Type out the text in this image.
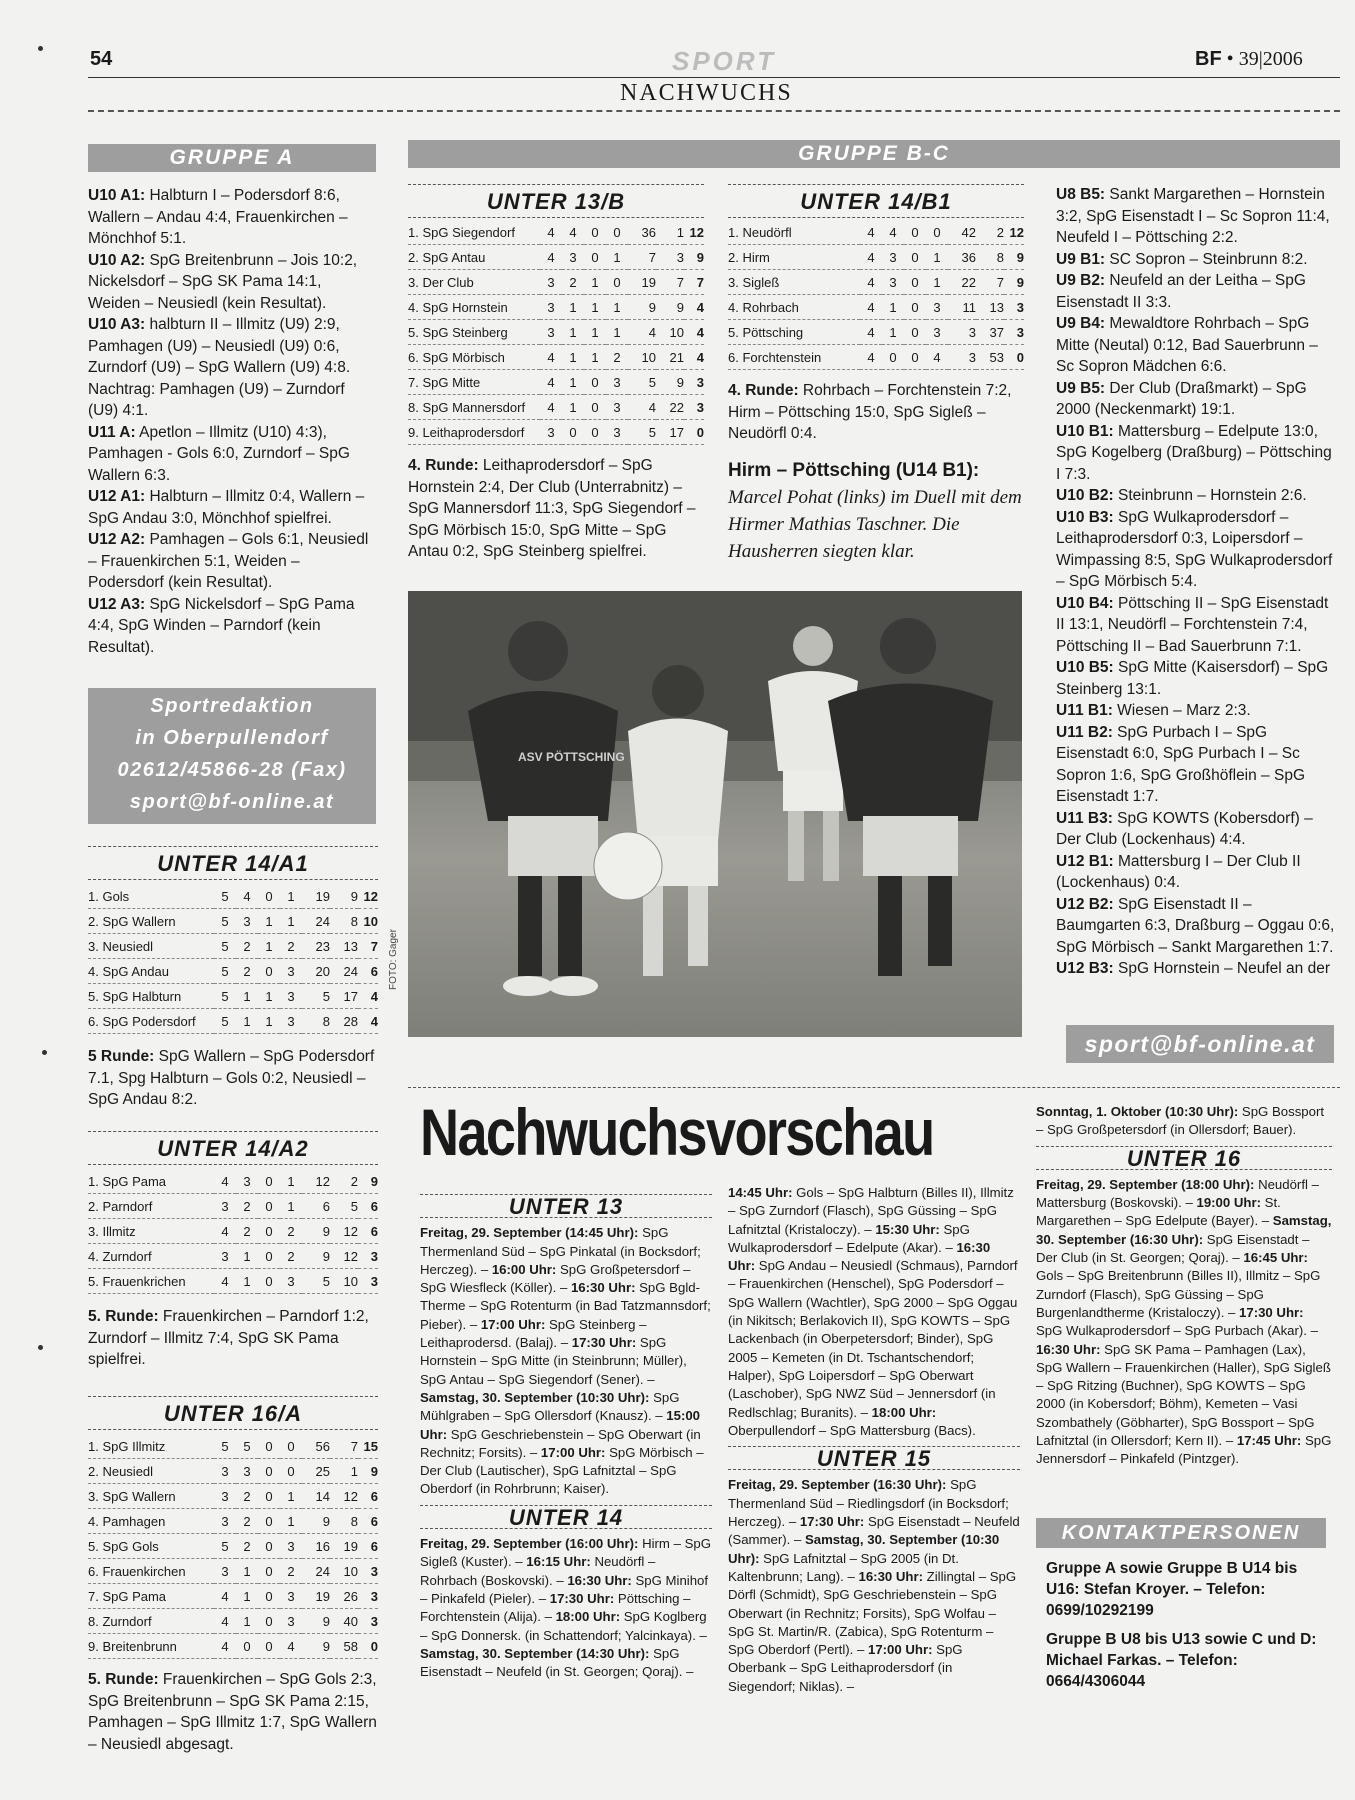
54	SPORT	BF • 39|2006
NACHWUCHS
GRUPPE A
U10 A1: Halbturn I – Podersdorf 8:6, Wallern – Andau 4:4, Frauenkirchen – Mönchhof 5:1.
U10 A2: SpG Breitenbrunn – Jois 10:2, Nickelsdorf – SpG SK Pama 14:1, Weiden – Neusiedl (kein Resultat).
U10 A3: halbturn II – Illmitz (U9) 2:9, Pamhagen (U9) – Neusiedl (U9) 0:6, Zurndorf (U9) – SpG Wallern (U9) 4:8. Nachtrag: Pamhagen (U9) – Zurndorf (U9) 4:1.
U11 A: Apetlon – Illmitz (U10) 4:3), Pamhagen - Gols 6:0, Zurndorf – SpG Wallern 6:3.
U12 A1: Halbturn – Illmitz 0:4, Wallern – SpG Andau 3:0, Mönchhof spielfrei.
U12 A2: Pamhagen – Gols 6:1, Neusiedl – Frauenkirchen 5:1, Weiden – Podersdorf (kein Resultat).
U12 A3: SpG Nickelsdorf – SpG Pama 4:4, SpG Winden – Parndorf (kein Resultat).
Sportredaktion
in Oberpullendorf
02612/45866-28 (Fax)
sport@bf-online.at
UNTER 14/A1
1. Gols	5	4	0	1	19	9	12
2. SpG Wallern	5	3	1	1	24	8	10
3. Neusiedl	5	2	1	2	23	13	7
4. SpG Andau	5	2	0	3	20	24	6
5. SpG Halbturn	5	1	1	3	5	17	4
6. SpG Podersdorf	5	1	1	3	8	28	4
5 Runde: SpG Wallern – SpG Podersdorf 7.1, Spg Halbturn – Gols 0:2, Neusiedl – SpG Andau 8:2.
UNTER 14/A2
1. SpG Pama	4	3	0	1	12	2	9
2. Parndorf	3	2	0	1	6	5	6
3. Illmitz	4	2	0	2	9	12	6
4. Zurndorf	3	1	0	2	9	12	3
5. Frauenkrichen	4	1	0	3	5	10	3
5. Runde: Frauenkirchen – Parndorf 1:2, Zurndorf – Illmitz 7:4, SpG SK Pama spielfrei.
UNTER 16/A
1. SpG Illmitz	5	5	0	0	56	7	15
2. Neusiedl	3	3	0	0	25	1	9
3. SpG Wallern	3	2	0	1	14	12	6
4. Pamhagen	3	2	0	1	9	8	6
5. SpG Gols	5	2	0	3	16	19	6
6. Frauenkirchen	3	1	0	2	24	10	3
7. SpG Pama	4	1	0	3	19	26	3
8. Zurndorf	4	1	0	3	9	40	3
9. Breitenbrunn	4	0	0	4	9	58	0
5. Runde: Frauenkirchen – SpG Gols 2:3, SpG Breitenbrunn – SpG SK Pama 2:15, Pamhagen – SpG Illmitz 1:7, SpG Wallern – Neusiedl abgesagt.
GRUPPE B-C
UNTER 13/B
1. SpG Siegendorf	4	4	0	0	36	1	12
2. SpG Antau	4	3	0	1	7	3	9
3. Der Club	3	2	1	0	19	7	7
4. SpG Hornstein	3	1	1	1	9	9	4
5. SpG Steinberg	3	1	1	1	4	10	4
6. SpG Mörbisch	4	1	1	2	10	21	4
7. SpG Mitte	4	1	0	3	5	9	3
8. SpG Mannersdorf	4	1	0	3	4	22	3
9. Leithaprodersdorf	3	0	0	3	5	17	0
4. Runde: Leithaprodersdorf – SpG Hornstein 2:4, Der Club (Unterrabnitz) – SpG Mannersdorf 11:3, SpG Siegendorf – SpG Mörbisch 15:0, SpG Mitte – SpG Antau 0:2, SpG Steinberg spielfrei.
UNTER 14/B1
1. Neudörfl	4	4	0	0	42	2	12
2. Hirm	4	3	0	1	36	8	9
3. Sigleß	4	3	0	1	22	7	9
4. Rohrbach	4	1	0	3	11	13	3
5. Pöttsching	4	1	0	3	3	37	3
6. Forchtenstein	4	0	0	4	3	53	0
4. Runde: Rohrbach – Forchtenstein 7:2, Hirm – Pöttsching 15:0, SpG Sigleß – Neudörfl 0:4.
Hirm – Pöttsching (U14 B1): Marcel Pohat (links) im Duell mit dem Hirmer Mathias Taschner. Die Hausherren siegten klar.
ASV PÖTTSCHING
FOTO: Gager
U8 B5: Sankt Margarethen – Hornstein 3:2, SpG Eisenstadt I – Sc Sopron 11:4, Neufeld I – Pöttsching 2:2.
U9 B1: SC Sopron – Steinbrunn 8:2.
U9 B2: Neufeld an der Leitha – SpG Eisenstadt II 3:3.
U9 B4: Mewaldtore Rohrbach – SpG Mitte (Neutal) 0:12, Bad Sauerbrunn – Sc Sopron Mädchen 6:6.
U9 B5: Der Club (Draßmarkt) – SpG 2000 (Neckenmarkt) 19:1.
U10 B1: Mattersburg – Edelpute 13:0, SpG Kogelberg (Draßburg) – Pöttsching I 7:3.
U10 B2: Steinbrunn – Hornstein 2:6.
U10 B3: SpG Wulkaprodersdorf – Leithaprodersdorf 0:3, Loipersdorf – Wimpassing 8:5, SpG Wulkaprodersdorf – SpG Mörbisch 5:4.
U10 B4: Pöttsching II – SpG Eisenstadt II 13:1, Neudörfl – Forchtenstein 7:4, Pöttsching II – Bad Sauerbrunn 7:1.
U10 B5: SpG Mitte (Kaisersdorf) – SpG Steinberg 13:1.
U11 B1: Wiesen – Marz 2:3.
U11 B2: SpG Purbach I – SpG Eisenstadt 6:0, SpG Purbach I – Sc Sopron 1:6, SpG Großhöflein – SpG Eisenstadt 1:7.
U11 B3: SpG KOWTS (Kobersdorf) – Der Club (Lockenhaus) 4:4.
U12 B1: Mattersburg I – Der Club II (Lockenhaus) 0:4.
U12 B2: SpG Eisenstadt II – Baumgarten 6:3, Draßburg – Oggau 0:6, SpG Mörbisch – Sankt Margarethen 1:7.
U12 B3: SpG Hornstein – Neufel an der
sport@bf-online.at
Nachwuchsvorschau
UNTER 13
Freitag, 29. September (14:45 Uhr): SpG Thermenland Süd – SpG Pinkatal (in Bocksdorf; Herczeg). – 16:00 Uhr: SpG Großpetersdorf – SpG Wiesfleck (Köller). – 16:30 Uhr: SpG Bgld-Therme – SpG Rotenturm (in Bad Tatzmannsdorf; Pieber). – 17:00 Uhr: SpG Steinberg – Leithaprodersd. (Balaj). – 17:30 Uhr: SpG Hornstein – SpG Mitte (in Steinbrunn; Müller), SpG Antau – SpG Siegendorf (Sener). – Samstag, 30. September (10:30 Uhr): SpG Mühlgraben – SpG Ollersdorf (Knausz). – 15:00 Uhr: SpG Geschriebenstein – SpG Oberwart (in Rechnitz; Forsits). – 17:00 Uhr: SpG Mörbisch – Der Club (Lautischer), SpG Lafnitztal – SpG Oberdorf (in Rohrbrunn; Kaiser).
UNTER 14
Freitag, 29. September (16:00 Uhr): Hirm – SpG Sigleß (Kuster). – 16:15 Uhr: Neudörfl – Rohrbach (Boskovski). – 16:30 Uhr: SpG Minihof – Pinkafeld (Pieler). – 17:30 Uhr: Pöttsching – Forchtenstein (Alija). – 18:00 Uhr: SpG Koglberg – SpG Donnersk. (in Schattendorf; Yalcinkaya). – Samstag, 30. September (14:30 Uhr): SpG Eisenstadt – Neufeld (in St. Georgen; Qoraj). –
14:45 Uhr: Gols – SpG Halbturn (Billes II), Illmitz – SpG Zurndorf (Flasch), SpG Güssing – SpG Lafnitztal (Kristaloczy). – 15:30 Uhr: SpG Wulkaprodersdorf – Edelpute (Akar). – 16:30 Uhr: SpG Andau – Neusiedl (Schmaus), Parndorf – Frauenkirchen (Henschel), SpG Podersdorf – SpG Wallern (Wachtler), SpG 2000 – SpG Oggau (in Nikitsch; Berlakovich II), SpG KOWTS – SpG Lackenbach (in Oberpetersdorf; Binder), SpG 2005 – Kemeten (in Dt. Tschantschendorf; Halper), SpG Loipersdorf – SpG Oberwart (Laschober), SpG NWZ Süd – Jennersdorf (in Redlschlag; Buranits). – 18:00 Uhr: Oberpullendorf – SpG Mattersburg (Bacs).
UNTER 15
Freitag, 29. September (16:30 Uhr): SpG Thermenland Süd – Riedlingsdorf (in Bocksdorf; Herczeg). – 17:30 Uhr: SpG Eisenstadt – Neufeld (Sammer). – Samstag, 30. September (10:30 Uhr): SpG Lafnitztal – SpG 2005 (in Dt. Kaltenbrunn; Lang). – 16:30 Uhr: Zillingtal – SpG Dörfl (Schmidt), SpG Geschriebenstein – SpG Oberwart (in Rechnitz; Forsits), SpG Wolfau – SpG St. Martin/R. (Zabica), SpG Rotenturm – SpG Oberdorf (Pertl). – 17:00 Uhr: SpG Oberbank – SpG Leithaprodersdorf (in Siegendorf; Niklas). –
Sonntag, 1. Oktober (10:30 Uhr): SpG Bossport – SpG Großpetersdorf (in Ollersdorf; Bauer).
UNTER 16
Freitag, 29. September (18:00 Uhr): Neudörfl – Mattersburg (Boskovski). – 19:00 Uhr: St. Margarethen – SpG Edelpute (Bayer). – Samstag, 30. September (16:30 Uhr): SpG Eisenstadt – Der Club (in St. Georgen; Qoraj). – 16:45 Uhr: Gols – SpG Breitenbrunn (Billes II), Illmitz – SpG Zurndorf (Flasch), SpG Güssing – SpG Burgenlandtherme (Kristaloczy). – 17:30 Uhr: SpG Wulkaprodersdorf – SpG Purbach (Akar). – 16:30 Uhr: SpG SK Pama – Pamhagen (Lax), SpG Wallern – Frauenkirchen (Haller), SpG Sigleß – SpG Ritzing (Buchner), SpG KOWTS – SpG 2000 (in Kobersdorf; Böhm), Kemeten – Vasi Szombathely (Göbharter), SpG Bossport – SpG Lafnitztal (in Ollersdorf; Kern II). – 17:45 Uhr: SpG Jennersdorf – Pinkafeld (Pintzger).
KONTAKTPERSONEN
Gruppe A sowie Gruppe B U14 bis U16: Stefan Kroyer. – Telefon: 0699/10292199
Gruppe B U8 bis U13 sowie C und D: Michael Farkas. – Telefon: 0664/4306044
